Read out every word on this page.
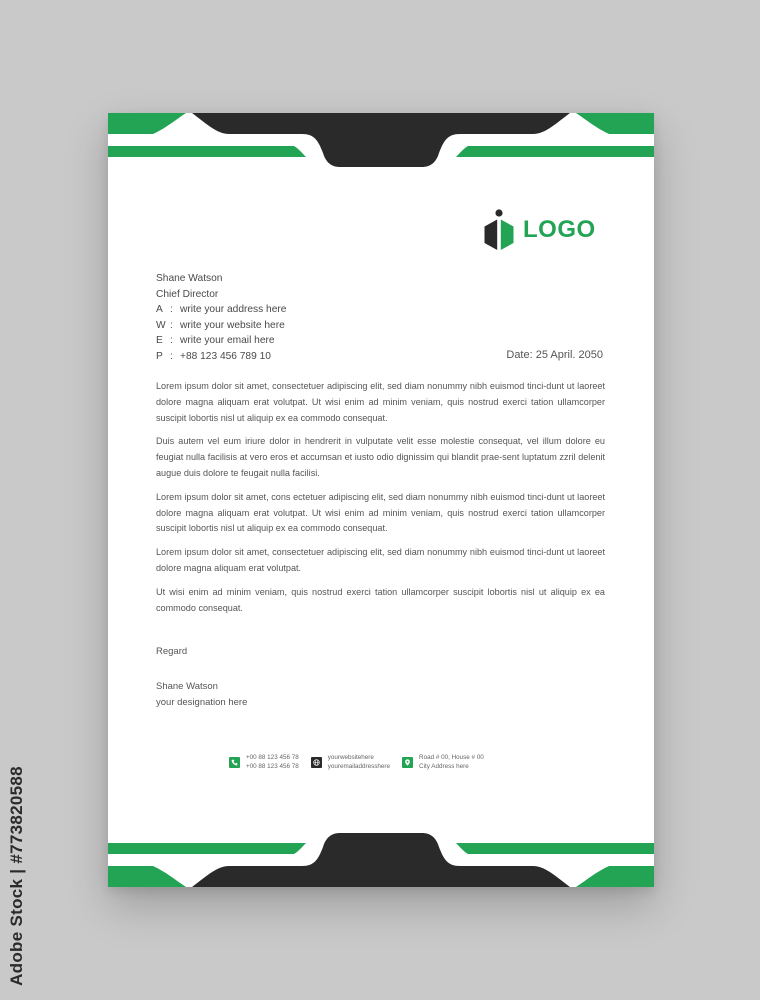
Adobe Stock | #773820588
LOGO
Shane Watson
Chief Director
A : write your address here
W : write your website here
E : write your email here
P : +88 123 456 789 10	Date: 25 April. 2050

Lorem ipsum dolor sit amet, consectetuer adipiscing elit, sed diam nonummy nibh euismod tinci-dunt ut laoreet dolore magna aliquam erat volutpat. Ut wisi enim ad minim veniam, quis nostrud exerci tation ullamcorper suscipit lobortis nisl ut aliquip ex ea commodo consequat.

Duis autem vel eum iriure dolor in hendrerit in vulputate velit esse molestie consequat, vel illum dolore eu feugiat nulla facilisis at vero eros et accumsan et iusto odio dignissim qui blandit prae-sent luptatum zzril delenit augue duis dolore te feugait nulla facilisi.

Lorem ipsum dolor sit amet, cons ectetuer adipiscing elit, sed diam nonummy nibh euismod tinci-dunt ut laoreet dolore magna aliquam erat volutpat. Ut wisi enim ad minim veniam, quis nostrud exerci tation ullamcorper suscipit lobortis nisl ut aliquip ex ea commodo consequat.

Lorem ipsum dolor sit amet, consectetuer adipiscing elit, sed diam nonummy nibh euismod tinci-dunt ut laoreet dolore magna aliquam erat volutpat.

Ut wisi enim ad minim veniam, quis nostrud exerci tation ullamcorper suscipit lobortis nisl ut aliquip ex ea commodo consequat.

Regard
Shane Watson
your designation here
+00 88 123 456 78
+00 88 123 456 78
yourwebsitehere
youremailaddresshere
Road # 00, House # 00
City Address here
